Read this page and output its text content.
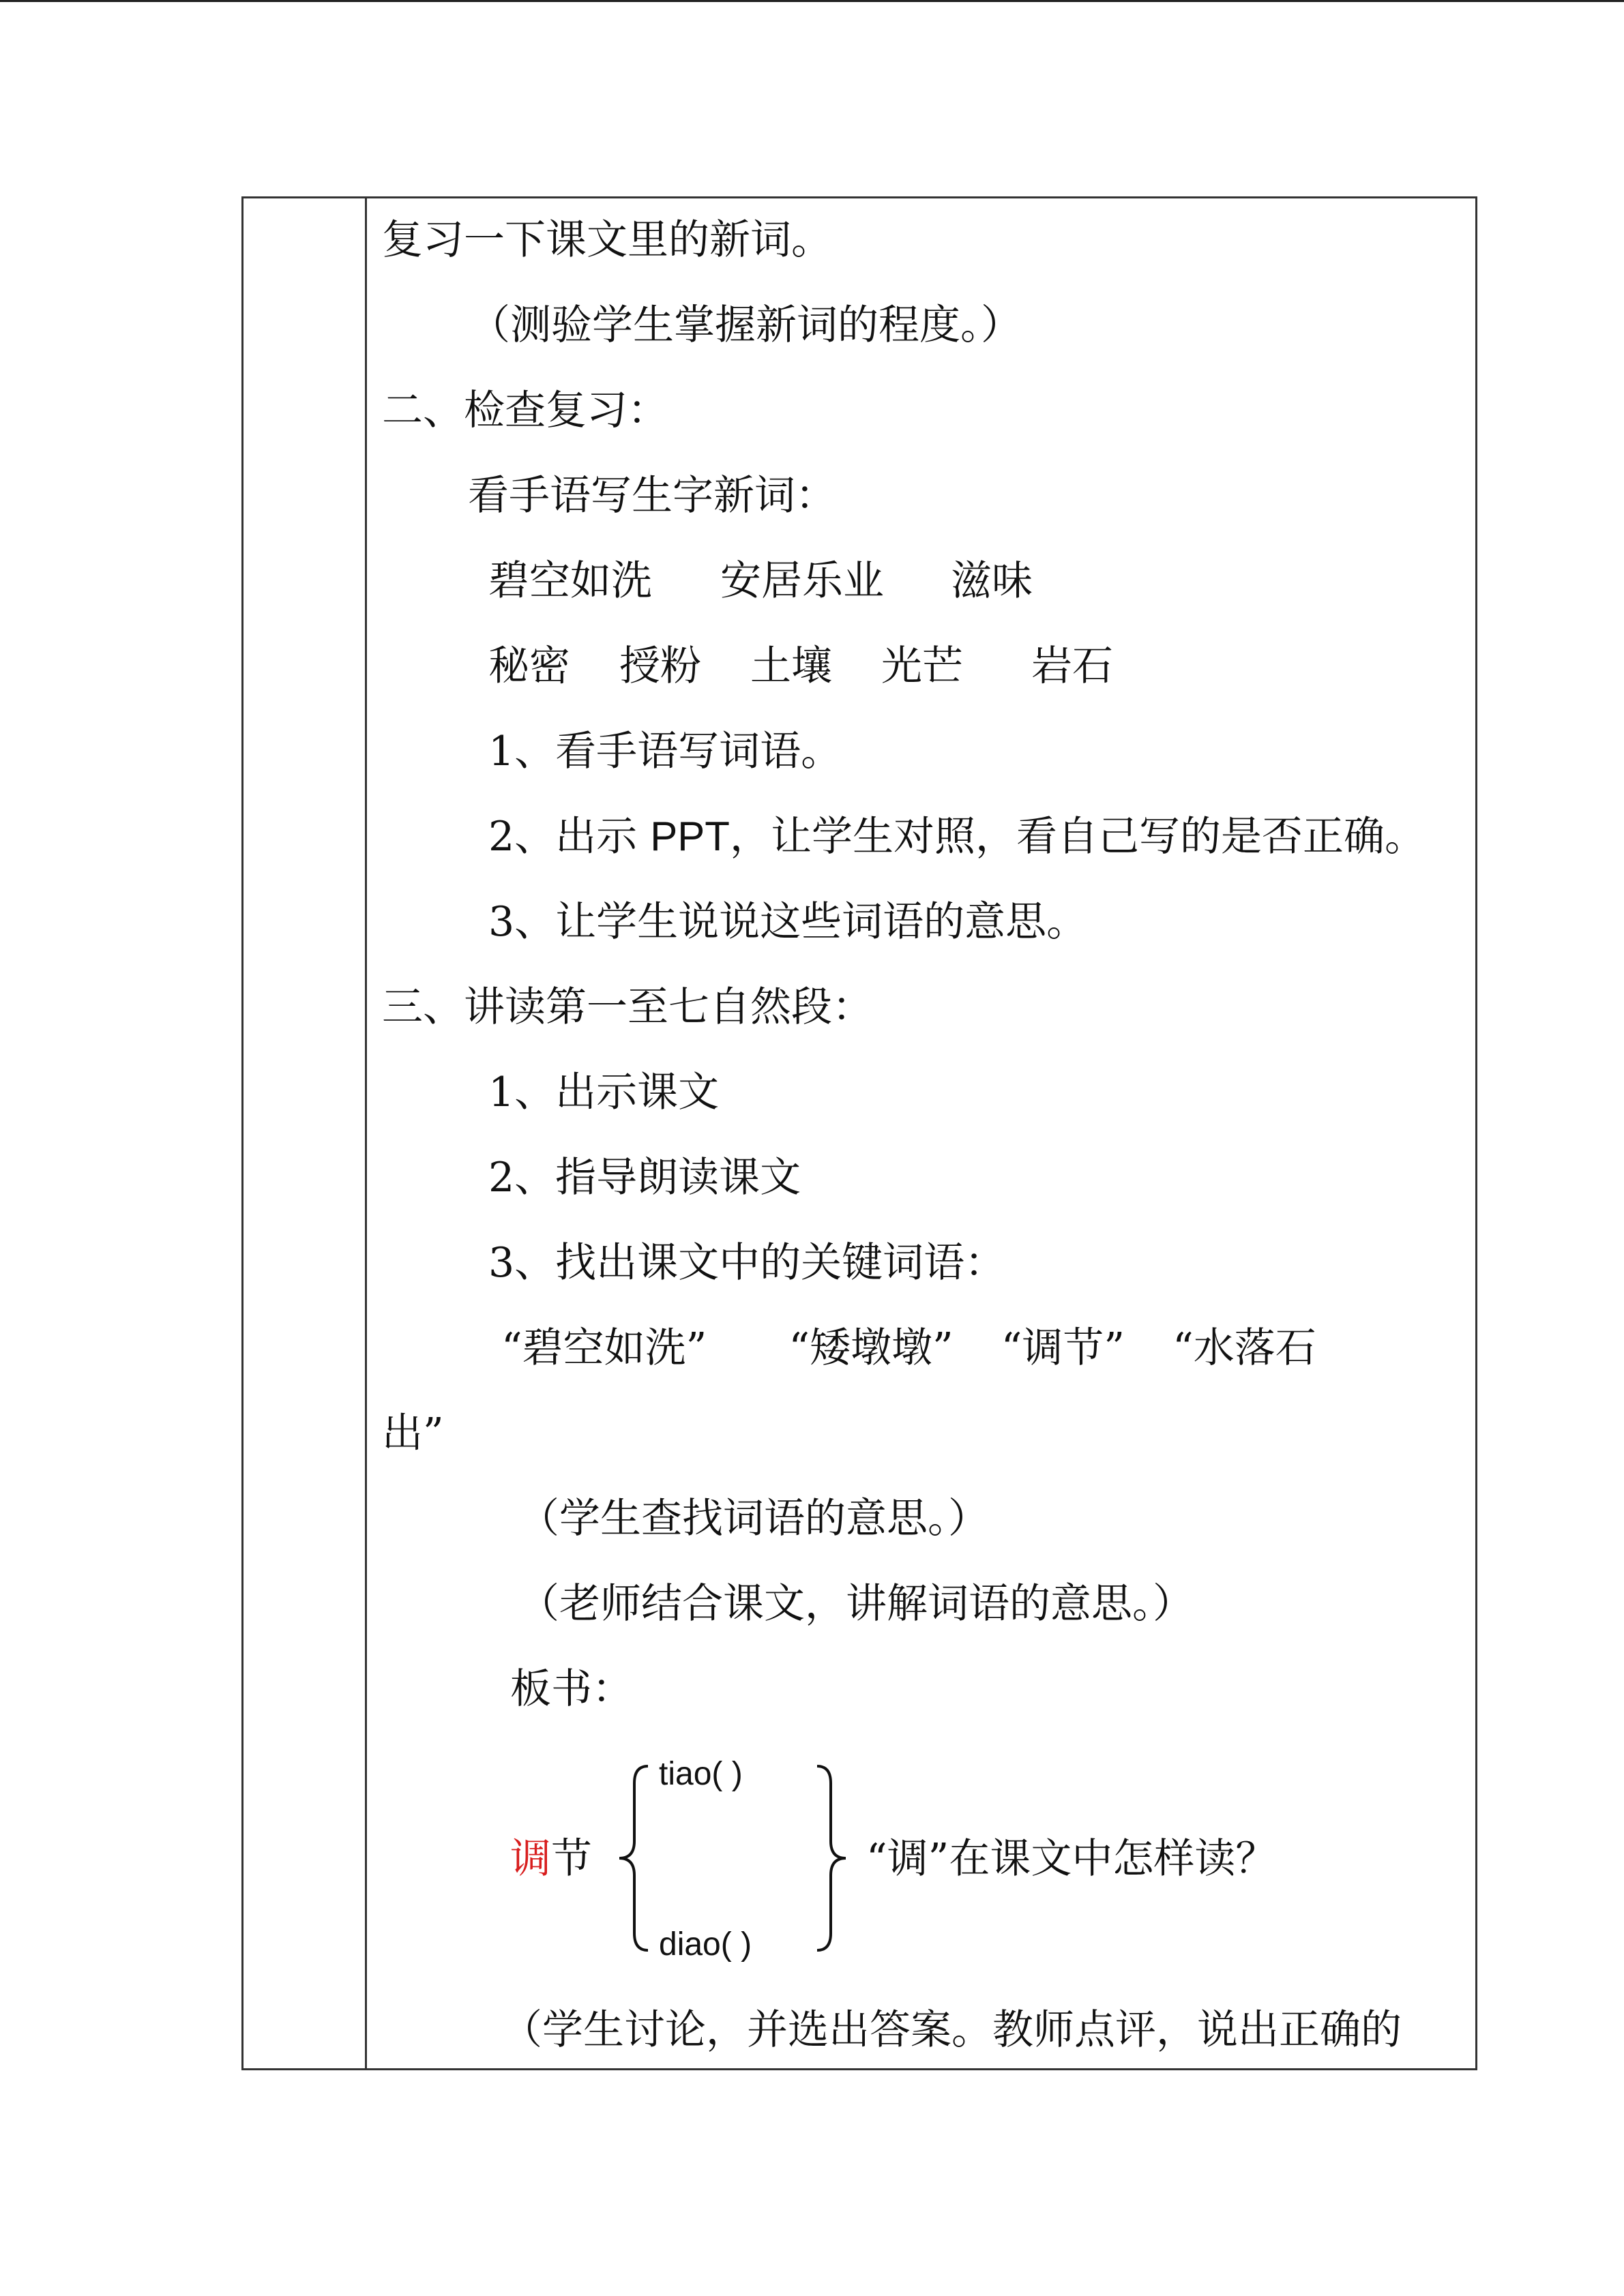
复习一下课文里的新词。
（测验学生掌握新词的程度。）
二、检查复习：
看手语写生字新词：
碧空如洗 安居乐业 滋味
秘密 授粉 土壤 光芒 岩石
1、看手语写词语。
2、出示 PPT，让学生对照，看自己写的是否正确。
3、让学生说说这些词语的意思。
三、讲读第一至七自然段：
1、出示课文
2、指导朗读课文
3、找出课文中的关键词语：
“碧空如洗” “矮墩墩” “调节” “水落石
出”
（学生查找词语的意思。）
（老师结合课文，讲解词语的意思。）
板书：
调节
tiao( )
diao( )
“调”在课文中怎样读？
（学生讨论，并选出答案。教师点评，说出正确的
